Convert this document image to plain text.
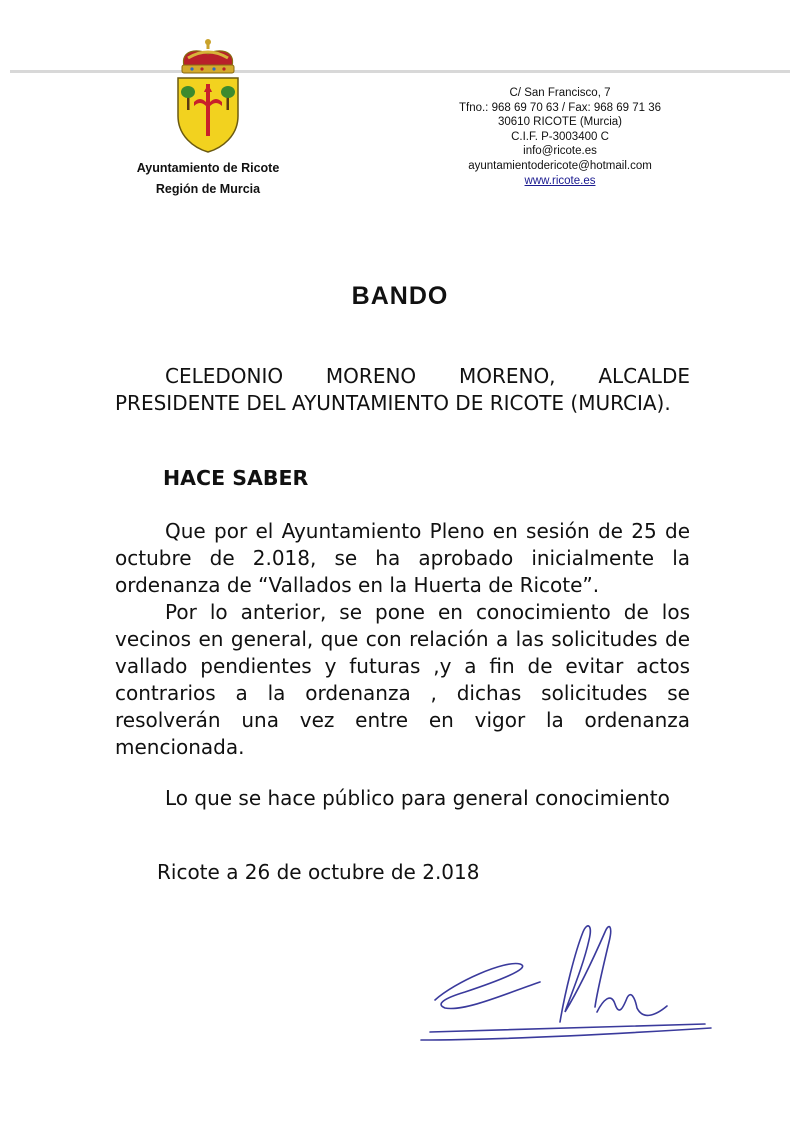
Ayuntamiento de Ricote
Región de Murcia
C/ San Francisco, 7
Tfno.: 968 69 70 63 / Fax: 968 69 71 36
30610 RICOTE (Murcia)
C.I.F. P-3003400 C
info@ricote.es
ayuntamientodericote@hotmail.com
www.ricote.es
BANDO
CELEDONIO MORENO MORENO, ALCALDE PRESIDENTE DEL AYUNTAMIENTO DE RICOTE (MURCIA).
HACE SABER
Que por el Ayuntamiento Pleno en sesión de 25 de octubre de 2.018, se ha aprobado inicialmente la ordenanza de “Vallados en la Huerta de Ricote”.
Por lo anterior, se pone en conocimiento de los vecinos en general, que con relación a las solicitudes de vallado pendientes y futuras ,y a fin de evitar actos contrarios a la ordenanza , dichas solicitudes se resolverán una vez entre en vigor la ordenanza mencionada.
Lo que se hace público para general conocimiento
Ricote a 26 de octubre de 2.018
